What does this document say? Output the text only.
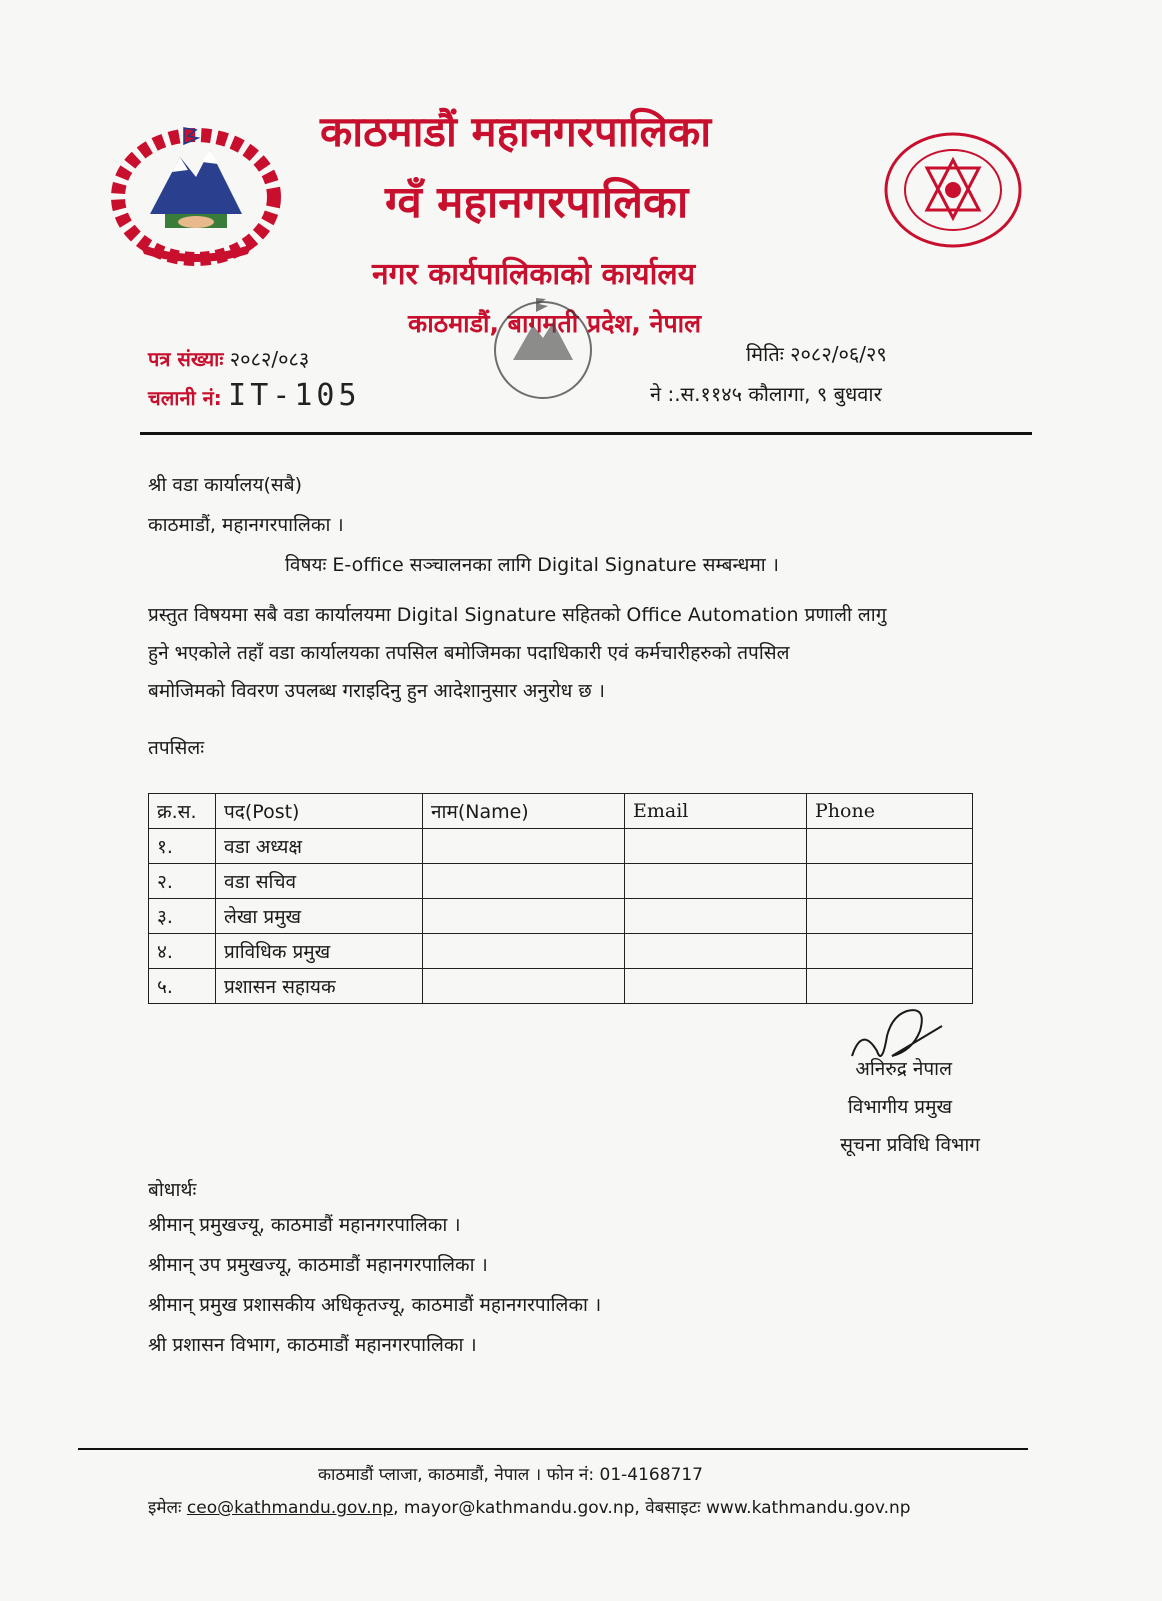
काठमाडौं महानगरपालिका
ग्वँ महानगरपालिका
नगर कार्यपालिकाको कार्यालय
काठमाडौं, बागमती प्रदेश, नेपाल
पत्र संख्याः २०८२/०८३
चलानी नं: IT-105
मितिः २०८२/०६/२९
ने :.स.११४५ कौलागा, ९ बुधवार
श्री वडा कार्यालय(सबै)
काठमाडौं, महानगरपालिका ।
विषयः E-office सञ्चालनका लागि Digital Signature सम्बन्धमा ।
प्रस्तुत विषयमा सबै वडा कार्यालयमा Digital Signature सहितको Office Automation प्रणाली लागु
हुने भएकोले तहाँ वडा कार्यालयका तपसिल बमोजिमका पदाधिकारी एवं कर्मचारीहरुको तपसिल
बमोजिमको विवरण उपलब्ध गराइदिनु हुन आदेशानुसार अनुरोध छ ।
तपसिलः
क्र.स.	पद(Post)	नाम(Name)	Email	Phone
१.	वडा अध्यक्ष			
२.	वडा सचिव			
३.	लेखा प्रमुख			
४.	प्राविधिक प्रमुख			
५.	प्रशासन सहायक			
अनिरुद्र नेपाल
विभागीय प्रमुख
सूचना प्रविधि विभाग
बोधार्थः
श्रीमान् प्रमुखज्यू, काठमाडौं महानगरपालिका ।
श्रीमान् उप प्रमुखज्यू, काठमाडौं महानगरपालिका ।
श्रीमान् प्रमुख प्रशासकीय अधिकृतज्यू, काठमाडौं महानगरपालिका ।
श्री प्रशासन विभाग, काठमाडौं महानगरपालिका ।
काठमाडौं प्लाजा, काठमाडौं, नेपाल । फोन नं: 01-4168717
इमेलः ceo@kathmandu.gov.np, mayor@kathmandu.gov.np, वेबसाइटः www.kathmandu.gov.np
